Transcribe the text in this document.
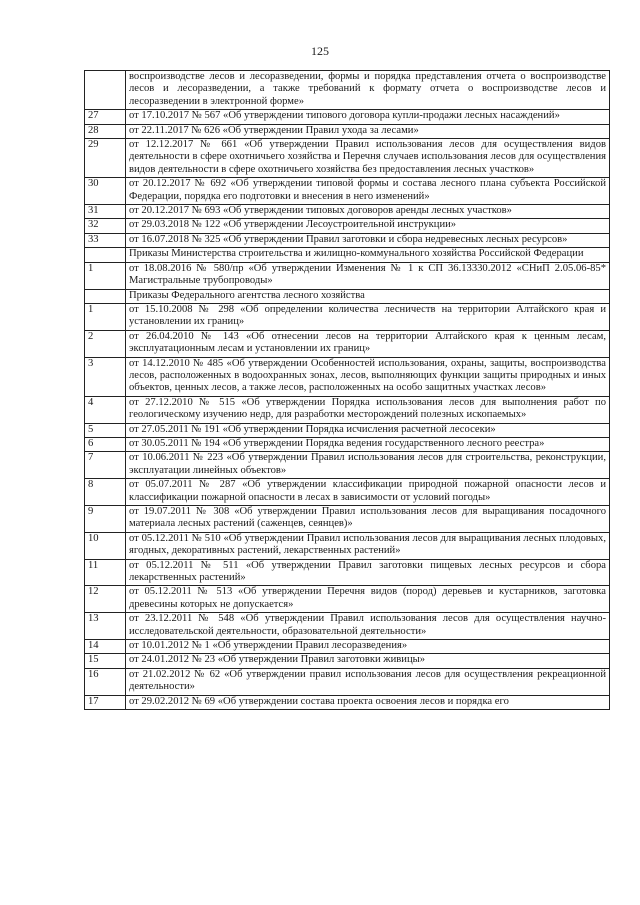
125
	воспроизводстве лесов и лесоразведении, формы и порядка представления отчета о воспроизводстве лесов и лесоразведении, а также требований к формату отчета о воспроизводстве лесов и лесоразведении в электронной форме»
27	от 17.10.2017 № 567 «Об утверждении типового договора купли-продажи лесных насаждений»
28	от 22.11.2017 № 626 «Об утверждении Правил ухода за лесами»
29	от 12.12.2017 № 661 «Об утверждении Правил использования лесов для осуществления видов деятельности в сфере охотничьего хозяйства и Перечня случаев использования лесов для осуществления видов деятельности в сфере охотничьего хозяйства без предоставления лесных участков»
30	от 20.12.2017 № 692 «Об утверждении типовой формы и состава лесного плана субъекта Российской Федерации, порядка его подготовки и внесения в него изменений»
31	от 20.12.2017 № 693 «Об утверждении типовых договоров аренды лесных участков»
32	от 29.03.2018 № 122 «Об утверждении Лесоустроительной инструкции»
33	от 16.07.2018 № 325 «Об утверждении Правил заготовки и сбора недревесных лесных ресурсов»
	Приказы Министерства строительства и жилищно-коммунального хозяйства Российской Федерации
1	от 18.08.2016 № 580/пр «Об утверждении Изменения № 1 к СП 36.13330.2012 «СНиП 2.05.06-85* Магистральные трубопроводы»
	Приказы Федерального агентства лесного хозяйства
1	от 15.10.2008 № 298 «Об определении количества лесничеств на территории Алтайского края и установлении их границ»
2	от 26.04.2010 № 143 «Об отнесении лесов на территории Алтайского края к ценным лесам, эксплуатационным лесам и установлении их границ»
3	от 14.12.2010 № 485 «Об утверждении Особенностей использования, охраны, защиты, воспроизводства лесов, расположенных в водоохранных зонах, лесов, выполняющих функции защиты природных и иных объектов, ценных лесов, а также лесов, расположенных на особо защитных участках лесов»
4	от 27.12.2010 № 515 «Об утверждении Порядка использования лесов для выполнения работ по геологическому изучению недр, для разработки месторождений полезных ископаемых»
5	от 27.05.2011 № 191 «Об утверждении Порядка исчисления расчетной лесосеки»
6	от 30.05.2011 № 194 «Об утверждении Порядка ведения государственного лесного реестра»
7	от 10.06.2011 № 223 «Об утверждении Правил использования лесов для строительства, реконструкции, эксплуатации линейных объектов»
8	от 05.07.2011 № 287 «Об утверждении классификации природной пожарной опасности лесов и классификации пожарной опасности в лесах в зависимости от условий погоды»
9	от 19.07.2011 № 308 «Об утверждении Правил использования лесов для выращивания посадочного материала лесных растений (саженцев, сеянцев)»
10	от 05.12.2011 № 510 «Об утверждении Правил использования лесов для выращивания лесных плодовых, ягодных, декоративных растений, лекарственных растений»
11	от 05.12.2011 № 511 «Об утверждении Правил заготовки пищевых лесных ресурсов и сбора лекарственных растений»
12	от 05.12.2011 № 513 «Об утверждении Перечня видов (пород) деревьев и кустарников, заготовка древесины которых не допускается»
13	от 23.12.2011 № 548 «Об утверждении Правил использования лесов для осуществления научно-исследовательской деятельности, образовательной деятельности»
14	от 10.01.2012 № 1 «Об утверждении Правил лесоразведения»
15	от 24.01.2012 № 23 «Об утверждении Правил заготовки живицы»
16	от 21.02.2012 № 62 «Об утверждении правил использования лесов для осуществления рекреационной деятельности»
17	от 29.02.2012 № 69 «Об утверждении состава проекта освоения лесов и порядка его
